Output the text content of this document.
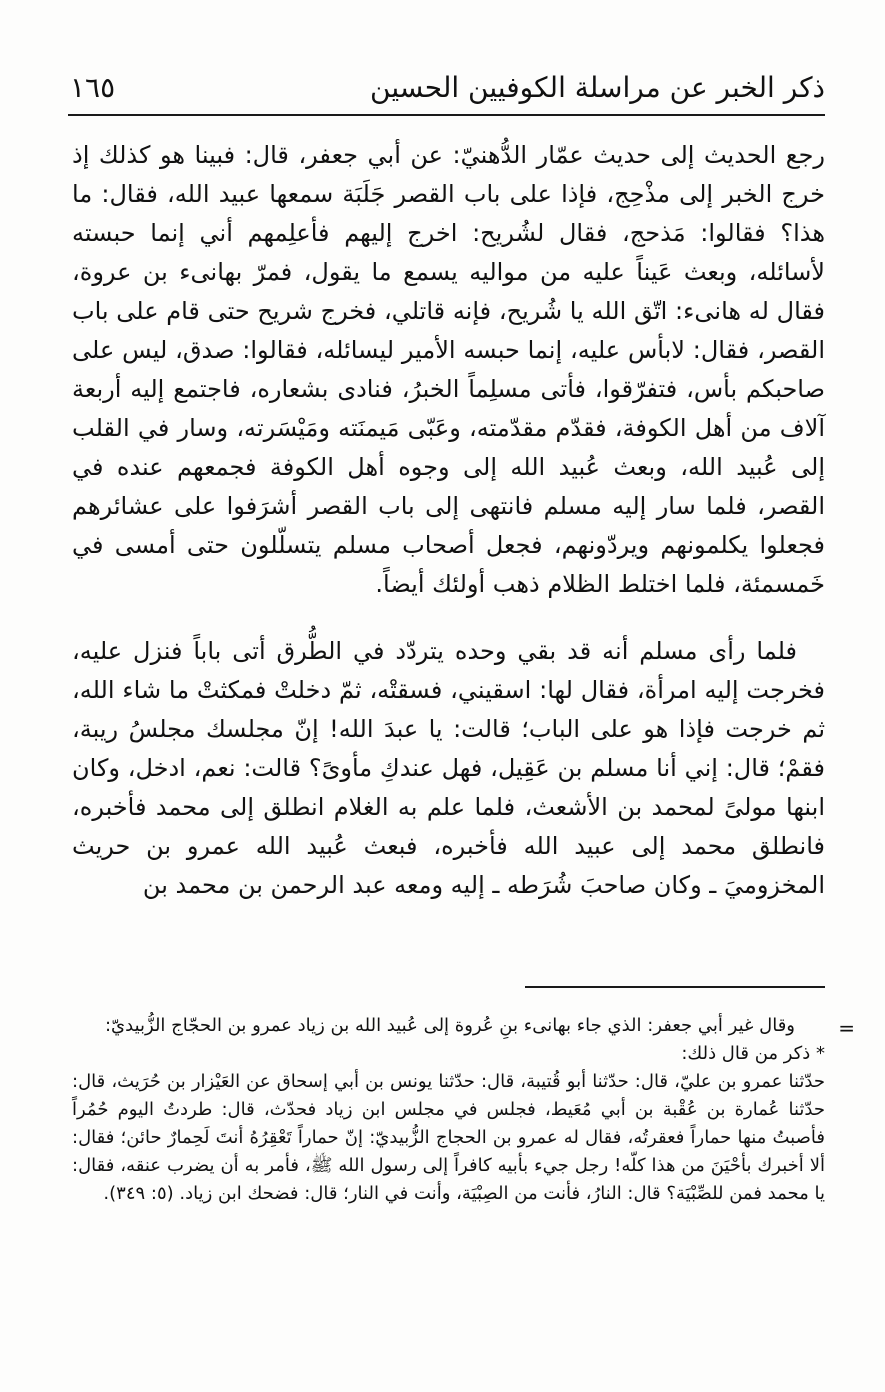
ذكر الخبر عن مراسلة الكوفيين الحسين
١٦٥

رجع الحديث إلى حديث عمّار الدُّهنيّ: عن أبي جعفر، قال: فبينا هو كذلك إذ خرج الخبر إلى مذْحِج، فإذا على باب القصر جَلَبَة سمعها عبيد الله، فقال: ما هذا؟ فقالوا: مَذحج، فقال لشُريح: اخرج إليهم فأعلِمهم أني إنما حبسته لأسائله، وبعث عَيناً عليه من مواليه يسمع ما يقول، فمرّ بهانىء بن عروة، فقال له هانىء: اتّق الله يا شُريح، فإنه قاتلي، فخرج شريح حتى قام على باب القصر، فقال: لابأس عليه، إنما حبسه الأمير ليسائله، فقالوا: صدق، ليس على صاحبكم بأس، فتفرّقوا، فأتى مسلِماً الخبرُ، فنادى بشعاره، فاجتمع إليه أربعة آلاف من أهل الكوفة، فقدّم مقدّمته، وعَبّى مَيمنَته ومَيْسَرته، وسار في القلب إلى عُبيد الله، وبعث عُبيد الله إلى وجوه أهل الكوفة فجمعهم عنده في القصر، فلما سار إليه مسلم فانتهى إلى باب القصر أشرَفوا على عشائرهم فجعلوا يكلمونهم ويردّونهم، فجعل أصحاب مسلم يتسلّلون حتى أمسى في خَمسمئة، فلما اختلط الظلام ذهب أولئك أيضاً.

فلما رأى مسلم أنه قد بقي وحده يتردّد في الطُّرق أتى باباً فنزل عليه، فخرجت إليه امرأة، فقال لها: اسقيني، فسقتْه، ثمّ دخلتْ فمكثتْ ما شاء الله، ثم خرجت فإذا هو على الباب؛ قالت: يا عبدَ الله! إنّ مجلسك مجلسُ ريبة، فقمْ؛ قال: إني أنا مسلم بن عَقِيل، فهل عندكِ مأوىً؟ قالت: نعم، ادخل، وكان ابنها مولىً لمحمد بن الأشعث، فلما علم به الغلام انطلق إلى محمد فأخبره، فانطلق محمد إلى عبيد الله فأخبره، فبعث عُبيد الله عمرو بن حريث المخزوميَ ـ وكان صاحبَ شُرَطه ـ إليه ومعه عبد الرحمن بن محمد بن

=

وقال غير أبي جعفر: الذي جاء بهانىء بنِ عُروة إلى عُبيد الله بن زياد عمرو بن الحجّاج الزُّبيديّ:

* ذكر من قال ذلك:

حدّثنا عمرو بن عليّ، قال: حدّثنا أبو قُتيبة، قال: حدّثنا يونس بن أبي إسحاق عن العَيْزار بن حُرَيث، قال: حدّثنا عُمارة بن عُقْبة بن أبي مُعَيط، فجلس في مجلس ابن زياد فحدّث، قال: طردتُ اليوم حُمُراً فأصبتُ منها حماراً فعقرتُه، فقال له عمرو بن الحجاج الزُّبيديّ: إنّ حماراً تَعْقِرُهُ أنتَ لَحِمارٌ حائن؛ فقال: ألا أخبرك بأحْيَنَ من هذا كلّه! رجل جيء بأبيه كافراً إلى رسول الله ﷺ، فأمر به أن يضرب عنقه، فقال: يا محمد فمن للصِّبْيَة؟ قال: النارُ، فأنت من الصِبْيَة، وأنت في النار؛ قال: فضحك ابن زياد. (٥: ٣٤٩).
